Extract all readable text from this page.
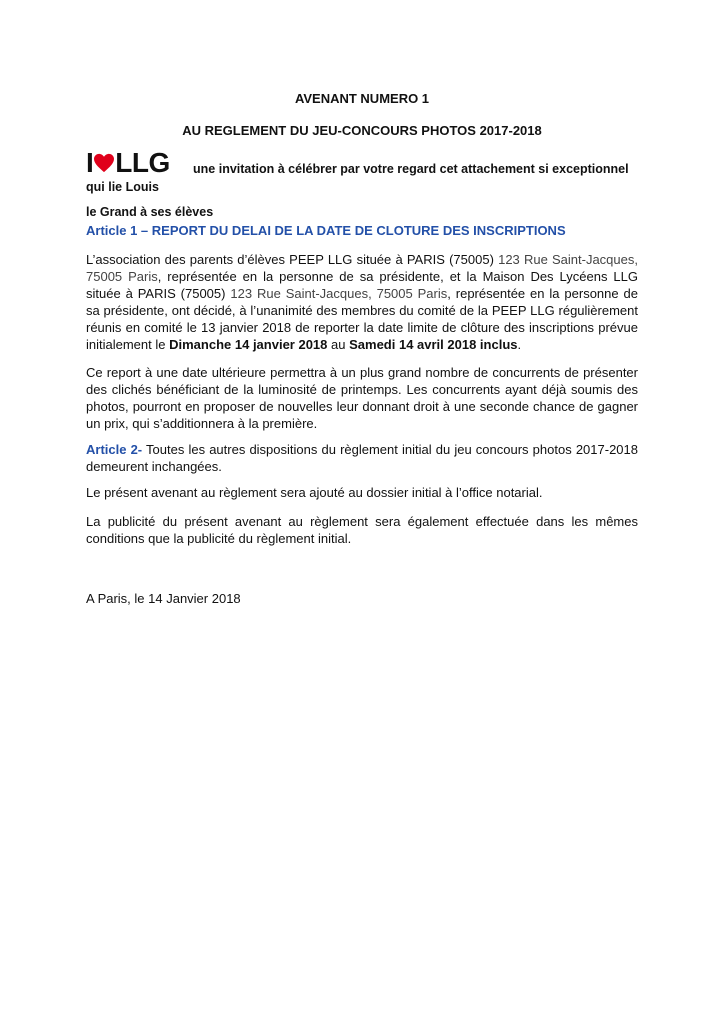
AVENANT NUMERO 1
AU REGLEMENT DU JEU-CONCOURS PHOTOS 2017-2018
I LLG une invitation à célébrer par votre regard cet attachement si exceptionnel qui lie Louis
le Grand à ses élèves
Article 1 – REPORT DU DELAI DE LA DATE DE CLOTURE DES INSCRIPTIONS
L’association des parents d’élèves PEEP LLG située à PARIS (75005) 123 Rue Saint-Jacques, 75005 Paris, représentée en la personne de sa présidente, et la Maison Des Lycéens LLG située à PARIS (75005) 123 Rue Saint-Jacques, 75005 Paris, représentée en la personne de sa présidente, ont décidé, à l’unanimité des membres du comité de la PEEP LLG régulièrement réunis en comité le 13 janvier 2018 de reporter la date limite de clôture des inscriptions prévue initialement le Dimanche 14 janvier 2018 au Samedi 14 avril 2018 inclus.
Ce report à une date ultérieure permettra à un plus grand nombre de concurrents de présenter des clichés bénéficiant de la luminosité de printemps. Les concurrents ayant déjà soumis des photos, pourront en proposer de nouvelles leur donnant droit à une seconde chance de gagner un prix, qui s’additionnera à la première.
Article 2- Toutes les autres dispositions du règlement initial du jeu concours photos 2017-2018 demeurent inchangées.
Le présent avenant au règlement sera ajouté au dossier initial à l’office notarial.
La publicité du présent avenant au règlement sera également effectuée dans les mêmes conditions que la publicité du règlement initial.
A Paris, le 14 Janvier 2018
